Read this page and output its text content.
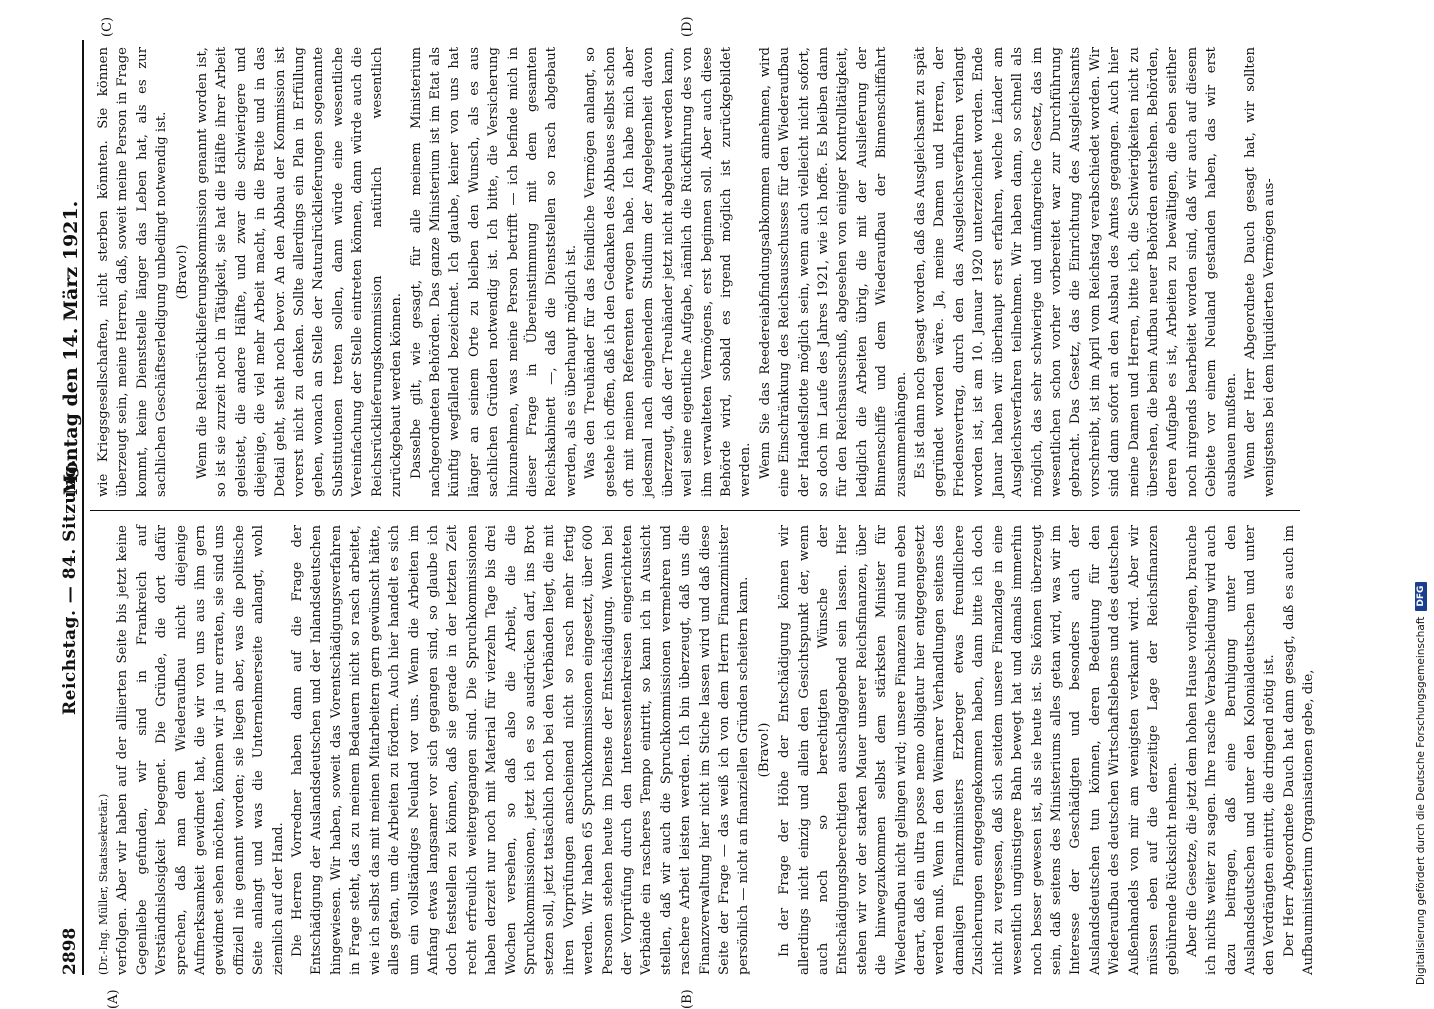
2898
Reichstag. — 84. Sitzung.
Montag den 14. März 1921.
(A)	(B)
(C)	(D)

(Dr.-Ing. Müller, Staatssekretär.) verfolgen. Aber wir haben auf der alliierten Seite bis jetzt keine Gegenliebe gefunden, wir sind in Frankreich auf Verständnislosigkeit begegnet. Die Gründe, die dort dafür sprechen, daß man dem Wiederaufbau nicht diejenige Aufmerksamkeit gewidmet hat, die wir von uns aus ihm gern gewidmet sehen möchten, können wir ja nur erraten, sie sind uns offiziell nie genannt worden; sie liegen aber, was die politische Seite anlangt und was die Unternehmerseite anlangt, wohl ziemlich auf der Hand. Die Herren Vorredner haben dann auf die Frage der Entschädigung der Auslandsdeutschen und der Inlandsdeutschen hingewiesen. Wir haben, soweit das Vorentschädigungsverfahren in Frage steht, das zu meinem Bedauern nicht so rasch arbeitet, wie ich selbst das mit meinen Mitarbeitern gern gewünscht hätte, alles getan, um die Arbeiten zu fördern. Auch hier handelt es sich um ein vollständiges Neuland vor uns. Wenn die Arbeiten im Anfang etwas langsamer vor sich gegangen sind, so glaube ich doch feststellen zu können, daß sie gerade in der letzten Zeit recht erfreulich weitergegangen sind. Die Spruchkommissionen haben derzeit nur noch mit Material für vierzehn Tage bis drei Wochen versehen, so daß also die Arbeit, die die Spruchkommissionen, jetzt ich es so ausdrücken darf, ins Brot setzen soll, jetzt tatsächlich noch bei den Verbänden liegt, die mit ihren Vorprüfungen anscheinend nicht so rasch mehr fertig werden. Wir haben 65 Spruchkommissionen eingesetzt, über 600 Personen stehen heute im Dienste der Entschädigung. Wenn bei der Vorprüfung durch den Interessentenkreisen eingerichteten Verbände ein rascheres Tempo eintritt, so kann ich in Aussicht stellen, daß wir auch die Spruchkommissionen vermehren und raschere Arbeit leisten werden. Ich bin überzeugt, daß uns die Finanzverwaltung hier nicht im Stiche lassen wird und daß diese Seite der Frage — das weiß ich von dem Herrn Finanzminister persönlich — nicht an finanziellen Gründen scheitern kann. (Bravo!) In der Frage der Höhe der Entschädigung können wir allerdings nicht einzig und allein den Gesichtspunkt der, wenn auch noch so berechtigten Wünsche der Entschädigungsberechtigten ausschlaggebend sein lassen. Hier stehen wir vor der starken Mauer unserer Reichsfinanzen, über die hinwegzukommen selbst dem stärksten Minister für Wiederaufbau nicht gelingen wird; unsere Finanzen sind nun eben derart, daß ein ultra posse nemo obligatur hier entgegengesetzt werden muß. Wenn in den Weimarer Verhandlungen seitens des damaligen Finanzministers Erzberger etwas freundlichere Zusicherungen entgegengekommen haben, dann bitte ich doch nicht zu vergessen, daß sich seitdem unsere Finanzlage in eine wesentlich ungünstigere Bahn bewegt hat und damals immerhin noch besser gewesen ist, als sie heute ist. Sie können überzeugt sein, daß seitens des Ministeriums alles getan wird, was wir im Interesse der Geschädigten und besonders auch der Auslandsdeutschen tun können, deren Bedeutung für den Wiederaufbau des deutschen Wirtschaftslebens und des deutschen Außenhandels von mir am wenigsten verkannt wird. Aber wir müssen eben auf die derzeitige Lage der Reichsfinanzen gebührende Rücksicht nehmen. Aber die Gesetze, die jetzt dem hohen Hause vorliegen, brauche ich nichts weiter zu sagen. Ihre rasche Verabschiedung wird auch dazu beitragen, daß eine Beruhigung unter den Auslandsdeutschen und unter den Kolonialdeutschen und unter den Verdrängten eintritt, die dringend nötig ist. Der Herr Abgeordnete Dauch hat dann gesagt, daß es auch im Aufbauministerium Organisationen gebe, die,

wie Kriegsgesellschaften, nicht sterben könnten. Sie können überzeugt sein, meine Herren, daß, soweit meine Person in Frage kommt, keine Dienststelle länger das Leben hat, als es zur sachlichen Geschäftserledigung unbedingt notwendig ist. (Bravo!) Wenn die Reichsrücklieferungskommission genannt worden ist, so ist sie zurzeit noch in Tätigkeit, sie hat die Hälfte ihrer Arbeit geleistet, die andere Hälfte, und zwar die schwierigere und diejenige, die viel mehr Arbeit macht, in die Breite und in das Detail geht, steht noch bevor. An den Abbau der Kommission ist vorerst nicht zu denken. Sollte allerdings ein Plan in Erfüllung gehen, wonach an Stelle der Naturalrücklieferungen sogenannte Substitutionen treten sollen, dann würde eine wesentliche Vereinfachung der Stelle eintreten können, dann würde auch die Reichsrücklieferungskommission natürlich wesentlich zurückgebaut werden können. Dasselbe gilt, wie gesagt, für alle meinem Ministerium nachgeordneten Behörden. Das ganze Ministerium ist im Etat als künftig wegfallend bezeichnet. Ich glaube, keiner von uns hat länger an seinem Orte zu bleiben den Wunsch, als es aus sachlichen Gründen notwendig ist. Ich bitte, die Versicherung hinzunehmen, was meine Person betrifft — ich befinde mich in dieser Frage in Übereinstimmung mit dem gesamten Reichskabinett —, daß die Dienststellen so rasch abgebaut werden, als es überhaupt möglich ist. Was den Treuhänder für das feindliche Vermögen anlangt, so gestehe ich offen, daß ich den Gedanken des Abbaues selbst schon oft mit meinen Referenten erwogen habe. Ich habe mich aber jedesmal nach eingehendem Studium der Angelegenheit davon überzeugt, daß der Treuhänder jetzt nicht abgebaut werden kann, weil seine eigentliche Aufgabe, nämlich die Rückführung des von ihm verwalteten Vermögens, erst beginnen soll. Aber auch diese Behörde wird, sobald es irgend möglich ist zurückgebildet werden. Wenn Sie das Reedereiabfindungsabkommen annehmen, wird eine Einschränkung des Reichsausschusses für den Wiederaufbau der Handelsflotte möglich sein, wenn auch vielleicht nicht sofort, so doch im Laufe des Jahres 1921, wie ich hoffe. Es bleiben dann für den Reichsausschuß, abgesehen von einiger Kontrolltätigkeit, lediglich die Arbeiten übrig, die mit der Auslieferung der Binnenschiffe und dem Wiederaufbau der Binnenschiffahrt zusammenhängen. Es ist dann noch gesagt worden, daß das Ausgleichsamt zu spät gegründet worden wäre. Ja, meine Damen und Herren, der Friedensvertrag, durch den das Ausgleichsverfahren verlangt worden ist, ist am 10. Januar 1920 unterzeichnet worden. Ende Januar haben wir überhaupt erst erfahren, welche Länder am Ausgleichsverfahren teilnehmen. Wir haben dann, so schnell als möglich, das sehr schwierige und umfangreiche Gesetz, das im wesentlichen schon vorher vorbereitet war zur Durchführung gebracht. Das Gesetz, das die Einrichtung des Ausgleichsamts vorschreibt, ist im April vom Reichstag verabschiedet worden. Wir sind dann sofort an den Ausbau des Amtes gegangen. Auch hier meine Damen und Herren, bitte ich, die Schwierigkeiten nicht zu übersehen, die beim Aufbau neuer Behörden entstehen. Behörden, deren Aufgabe es ist, Arbeiten zu bewältigen, die eben seither noch nirgends bearbeitet worden sind, daß wir auch auf diesem Gebiete vor einem Neuland gestanden haben, das wir erst ausbauen mußten. Wenn der Herr Abgeordnete Dauch gesagt hat, wir sollten wenigstens bei dem liquidierten Vermögen aus-

Digitalisierung gefördert durch die Deutsche Forschungsgemeinschaft
DFG
